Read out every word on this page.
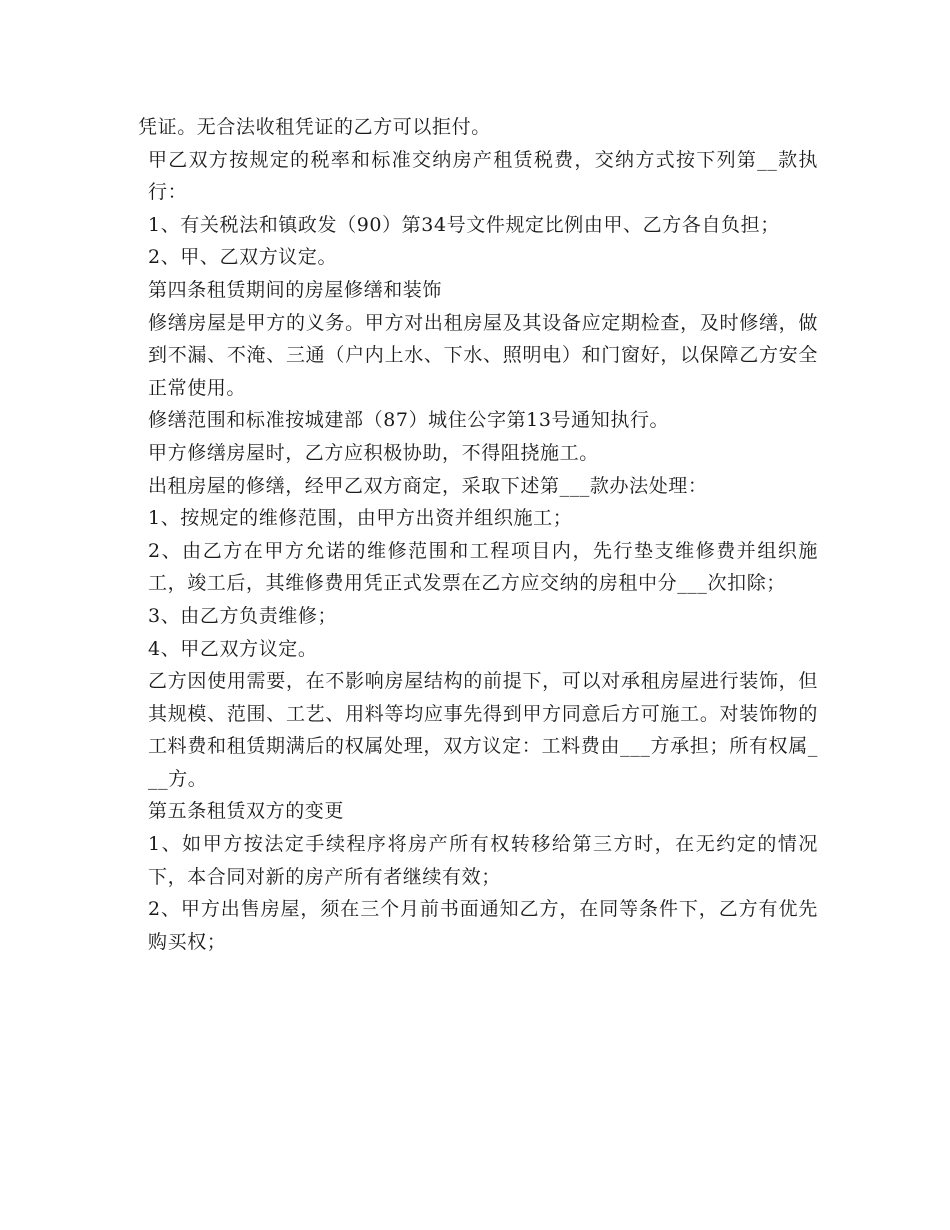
凭证。无合法收租凭证的乙方可以拒付。

甲乙双方按规定的税率和标准交纳房产租赁税费，交纳方式按下列第__款执行：

1、有关税法和镇政发（90）第34号文件规定比例由甲、乙方各自负担；

2、甲、乙双方议定。

第四条租赁期间的房屋修缮和装饰

修缮房屋是甲方的义务。甲方对出租房屋及其设备应定期检查，及时修缮，做到不漏、不淹、三通（户内上水、下水、照明电）和门窗好，以保障乙方安全正常使用。

修缮范围和标准按城建部（87）城住公字第13号通知执行。

甲方修缮房屋时，乙方应积极协助，不得阻挠施工。

出租房屋的修缮，经甲乙双方商定，采取下述第___款办法处理：

1、按规定的维修范围，由甲方出资并组织施工；

2、由乙方在甲方允诺的维修范围和工程项目内，先行垫支维修费并组织施工，竣工后，其维修费用凭正式发票在乙方应交纳的房租中分___次扣除；

3、由乙方负责维修；

4、甲乙双方议定。

乙方因使用需要，在不影响房屋结构的前提下，可以对承租房屋进行装饰，但其规模、范围、工艺、用料等均应事先得到甲方同意后方可施工。对装饰物的工料费和租赁期满后的权属处理，双方议定：工料费由___方承担；所有权属___方。

第五条租赁双方的变更

1、如甲方按法定手续程序将房产所有权转移给第三方时，在无约定的情况下，本合同对新的房产所有者继续有效；

2、甲方出售房屋，须在三个月前书面通知乙方，在同等条件下，乙方有优先购买权；
